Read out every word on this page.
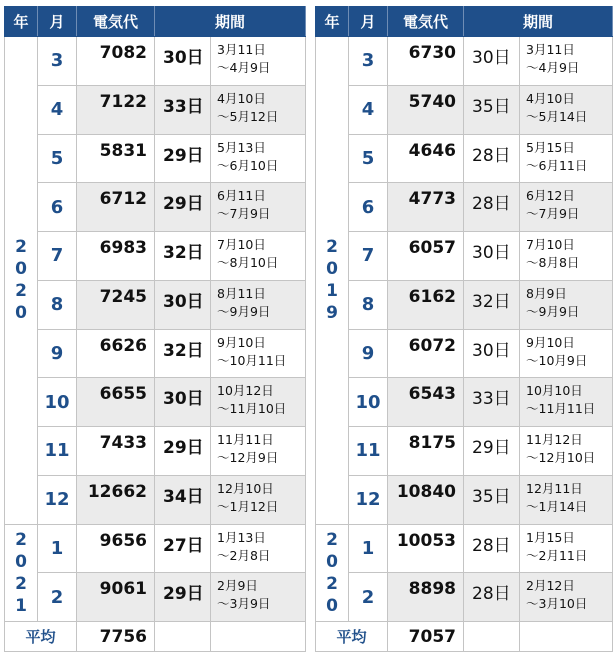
年	月	電気代	期間	

2
0
2
0	3	7082	30日	3月11日
〜4月9日

	4	7122	33日	4月10日
〜5月12日

	5	5831	29日	5月13日
〜6月10日

	6	6712	29日	6月11日
〜7月9日

	7	6983	32日	7月10日
〜8月10日

	8	7245	30日	8月11日
〜9月9日

	9	6626	32日	9月10日
〜10月11日

	10	6655	30日	10月12日
〜11月10日

	11	7433	29日	11月11日
〜12月9日

	12	12662	34日	12月10日
〜1月12日

2
0
2
1	1	9656	27日	1月13日
〜2月8日

	2	9061	29日	2月9日
〜3月9日

平均		7756		
年	月	電気代	期間	

2
0
1
9	3	6730	30日	3月11日
〜4月9日

	4	5740	35日	4月10日
〜5月14日

	5	4646	28日	5月15日
〜6月11日

	6	4773	28日	6月12日
〜7月9日

	7	6057	30日	7月10日
〜8月8日

	8	6162	32日	8月9日
〜9月9日

	9	6072	30日	9月10日
〜10月9日

	10	6543	33日	10月10日
〜11月11日

	11	8175	29日	11月12日
〜12月10日

	12	10840	35日	12月11日
〜1月14日

2
0
2
0	1	10053	28日	1月15日
〜2月11日

	2	8898	28日	2月12日
〜3月10日

平均		7057		
